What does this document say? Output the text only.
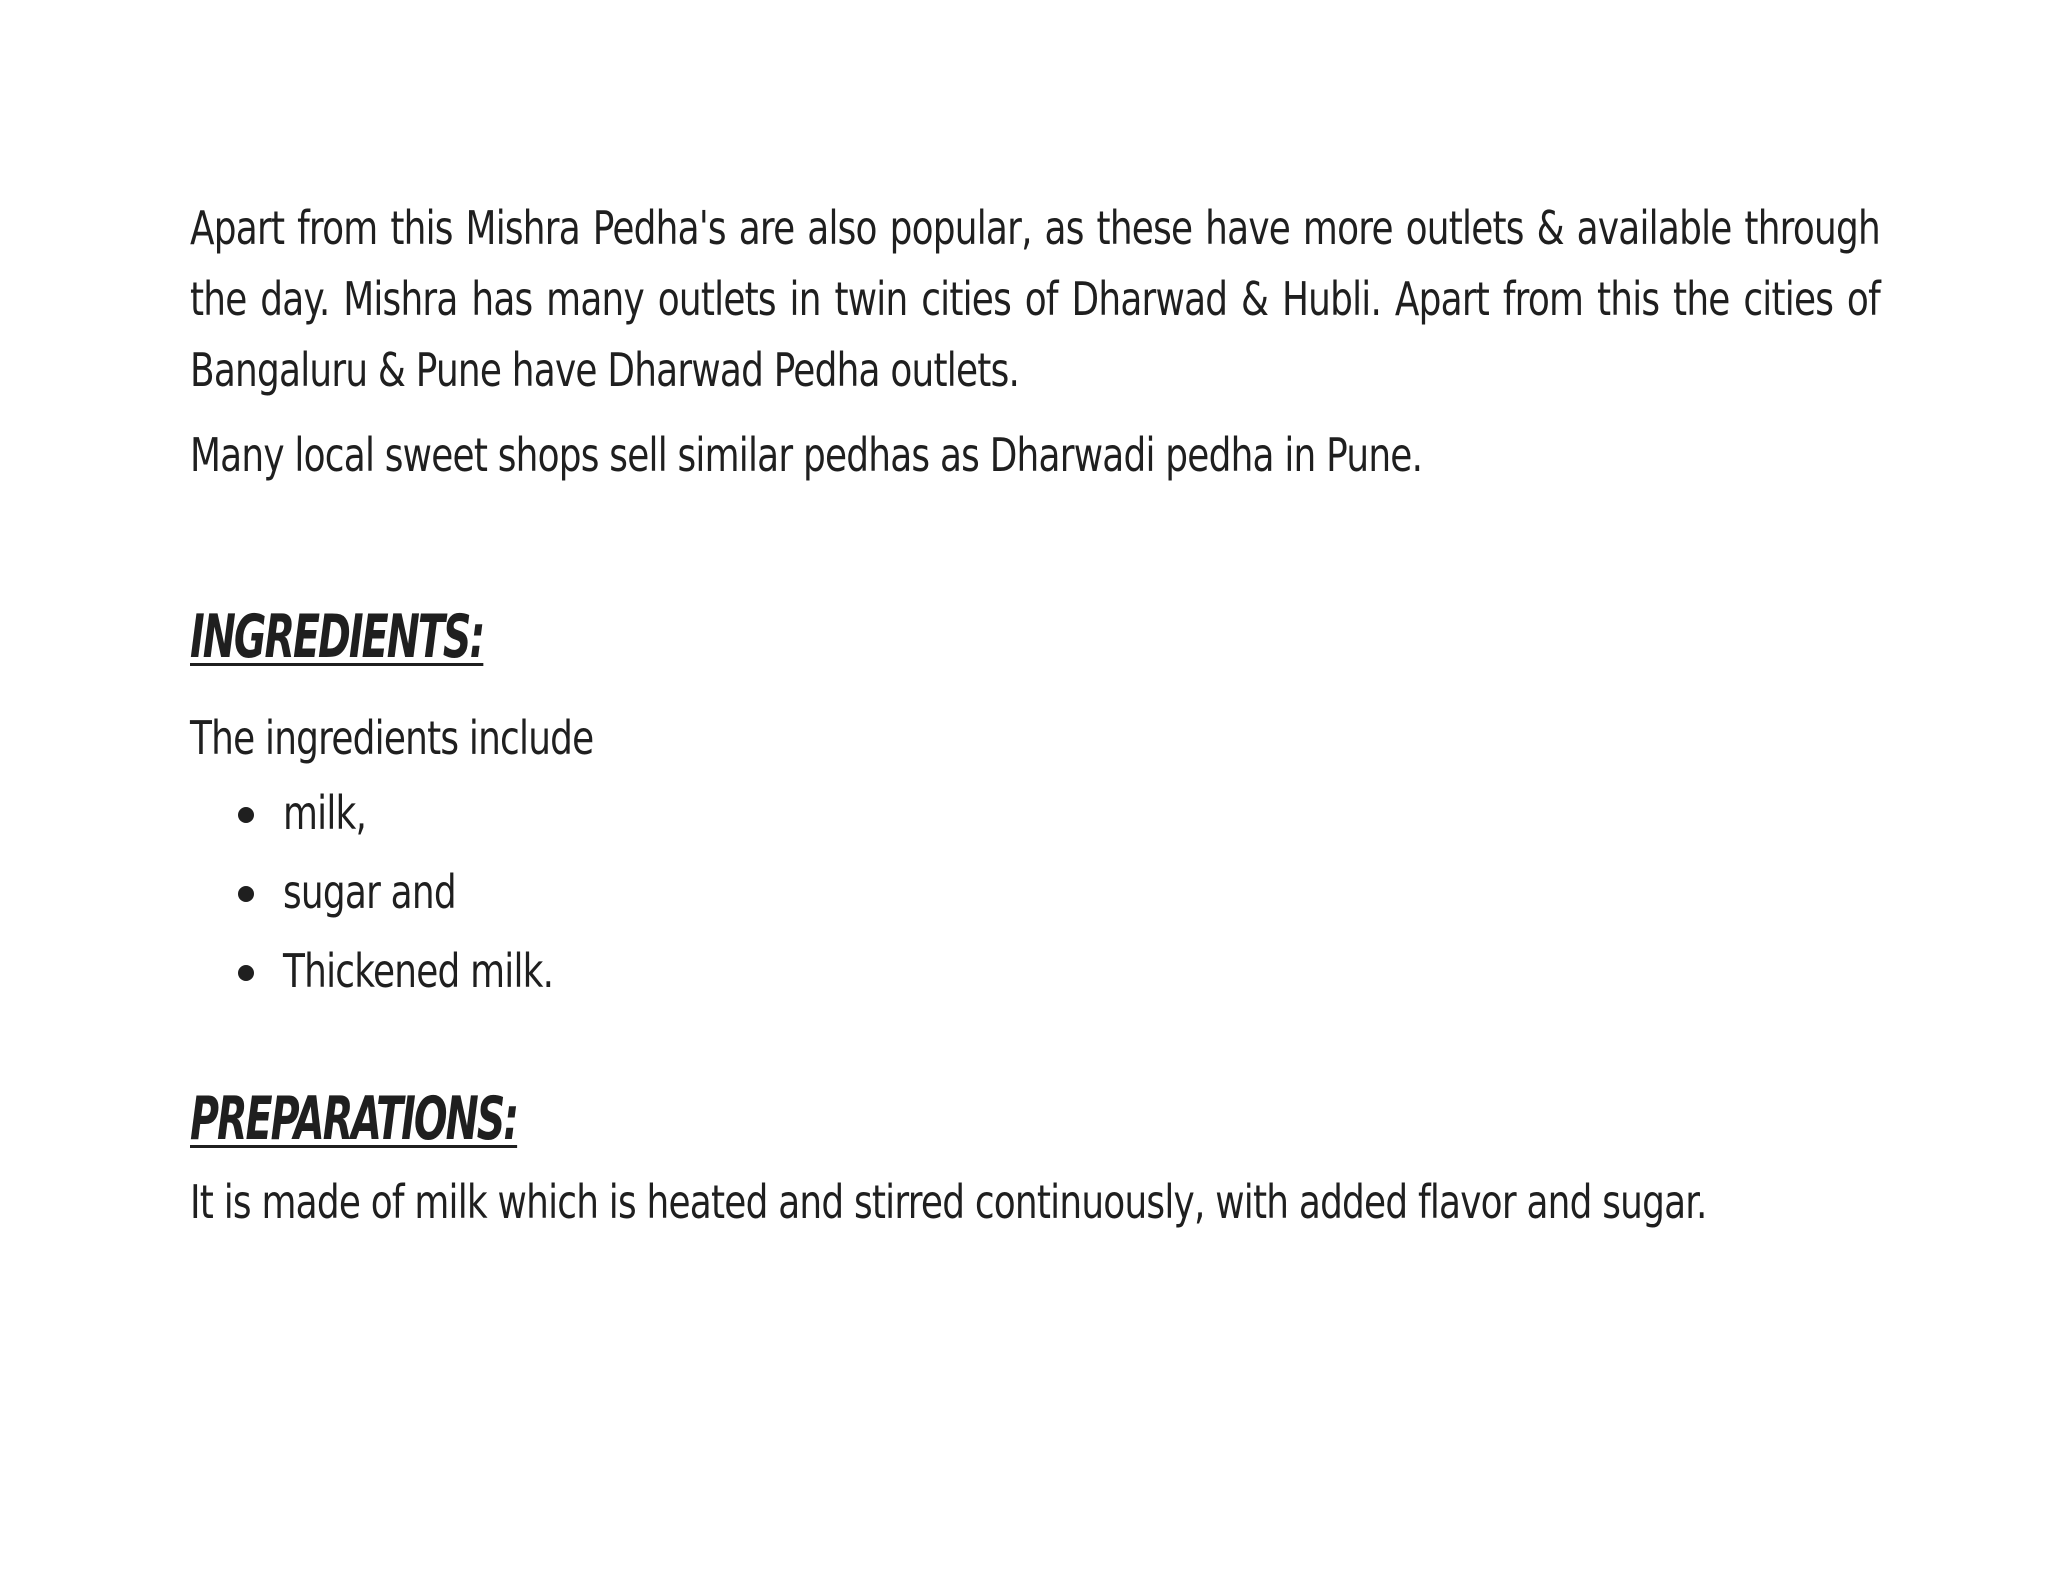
Apart from this Mishra Pedha's are also popular, as these have more outlets & available through the day. Mishra has many outlets in twin cities of Dharwad & Hubli. Apart from this the cities of Bangaluru & Pune have Dharwad Pedha outlets.

Many local sweet shops sell similar pedhas as Dharwadi pedha in Pune.

INGREDIENTS:

The ingredients include

milk,
sugar and
Thickened milk.
PREPARATIONS:

It is made of milk which is heated and stirred continuously, with added flavor and sugar.
